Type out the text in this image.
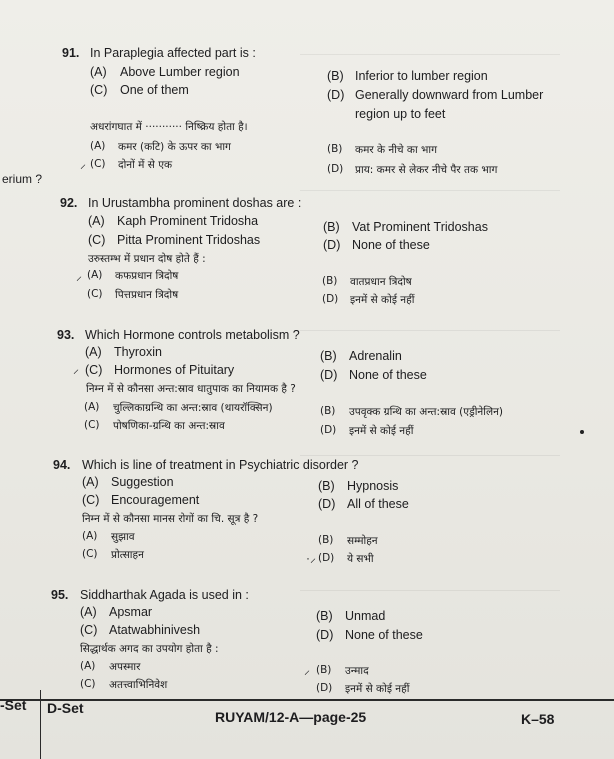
erium ?
91. In Paraplegia affected part is :
(A) Above Lumber region	(B) Inferior to lumber region
(C) One of them	(D) Generally downward from Lumber
region up to feet
अधरांगघात में ··········· निष्क्रिय होता है।
(A) कमर (कटि) के ऊपर का भाग	(B) कमर के नीचे का भाग
⸝ (C) दोनों में से एक	(D) प्राय: कमर से लेकर नीचे पैर तक भाग
92. In Urustambha prominent doshas are :
(A) Kaph Prominent Tridosha	(B) Vat Prominent Tridoshas
(C) Pitta Prominent Tridoshas	(D) None of these
उरुस्तम्भ में प्रधान दोष होते हैं :
⸝ (A) कफप्रधान त्रिदोष	(B) वातप्रधान त्रिदोष
(C) पित्तप्रधान त्रिदोष	(D) इनमें से कोई नहीं
93. Which Hormone controls metabolism ?
(A) Thyroxin	(B) Adrenalin
⸝ (C) Hormones of Pituitary	(D) None of these
निम्न में से कौनसा अन्त:स्राव धातुपाक का नियामक है ?
(A) चुल्लिकाग्रन्थि का अन्त:स्राव (थायरॉक्सिन)	(B) उपवृक्क ग्रन्थि का अन्त:स्राव (एड्रीनेलिन)
(C) पोषणिका-ग्रन्थि का अन्त:स्राव	(D) इनमें से कोई नहीं
94. Which is line of treatment in Psychiatric disorder ?
(A) Suggestion	(B) Hypnosis
(C) Encouragement	(D) All of these
निम्न में से कौनसा मानस रोगों का चि. सूत्र है ?
(A) सुझाव	(B) सम्मोहन
(C) प्रोत्साहन	·⸝ (D) ये सभी
95. Siddharthak Agada is used in :
(A) Apsmar	(B) Unmad
(C) Atatwabhinivesh	(D) None of these
सिद्धार्थक अगद का उपयोग होता है :
(A) अपस्मार	⸝ (B) उन्माद
(C) अतत्त्वाभिनिवेश	(D) इनमें से कोई नहीं
-Set D-Set
RUYAM/12-A—page-25	K–58
